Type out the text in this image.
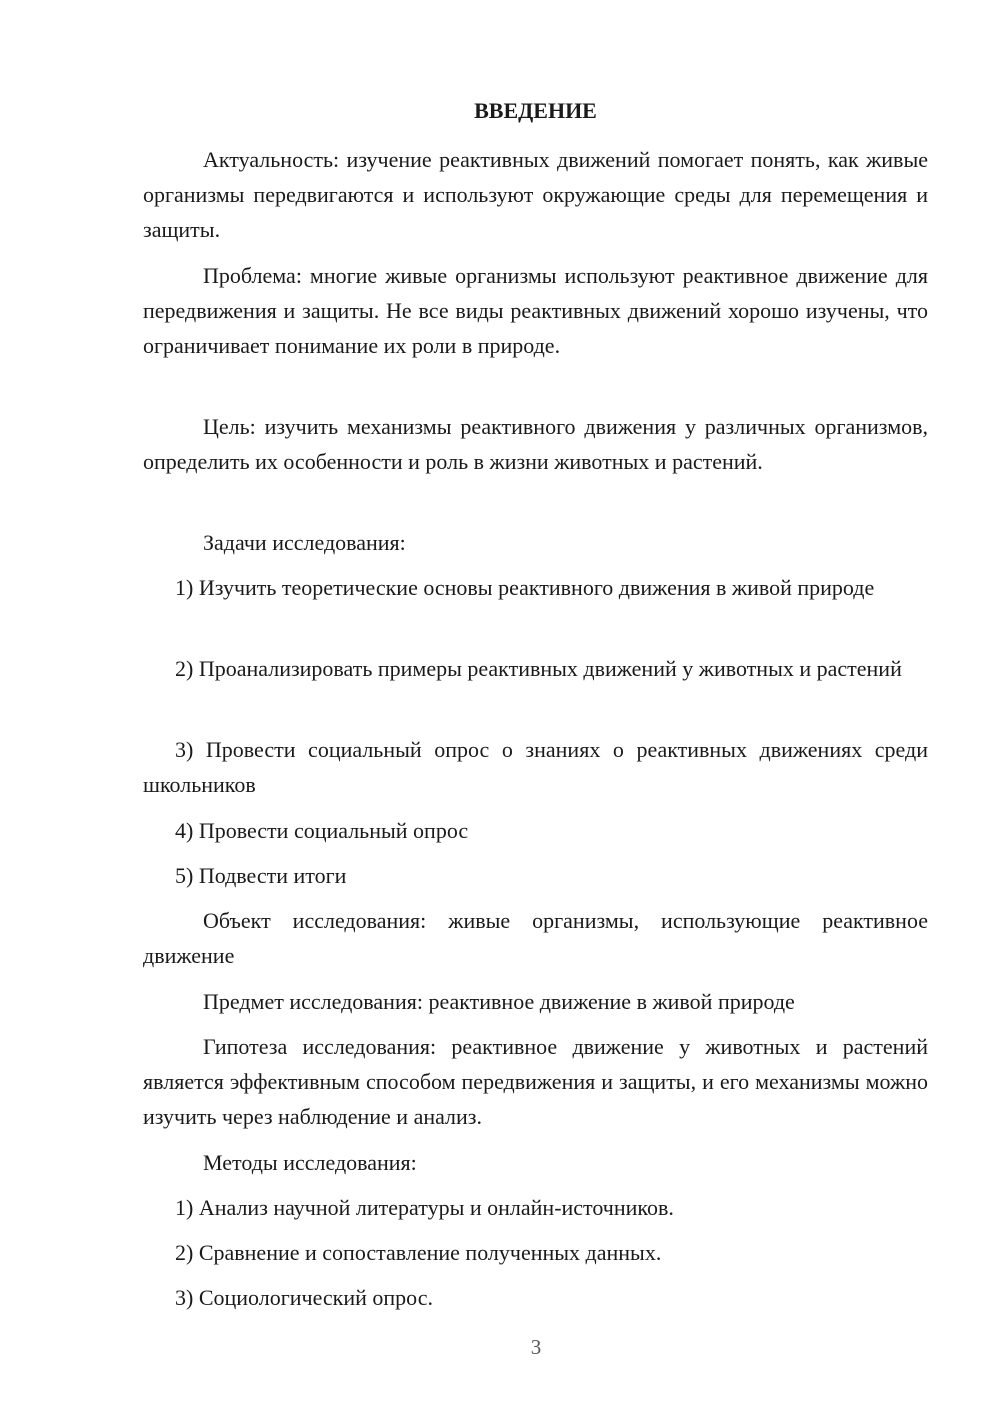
ВВЕДЕНИЕ
Актуальность: изучение реактивных движений помогает понять, как живые организмы передвигаются и используют окружающие среды для перемещения и защиты.
Проблема: многие живые организмы используют реактивное движение для передвижения и защиты. Не все виды реактивных движений хорошо изучены, что ограничивает понимание их роли в природе.
Цель: изучить механизмы реактивного движения у различных организмов, определить их особенности и роль в жизни животных и растений.
Задачи исследования:
1) Изучить теоретические основы реактивного движения в живой природе
2) Проанализировать примеры реактивных движений у животных и растений
3) Провести социальный опрос о знаниях о реактивных движениях среди школьников
4) Провести социальный опрос
5) Подвести итоги
Объект исследования: живые организмы, использующие реактивное движение
Предмет исследования: реактивное движение в живой природе
Гипотеза исследования: реактивное движение у животных и растений является эффективным способом передвижения и защиты, и его механизмы можно изучить через наблюдение и анализ.
Методы исследования:
1) Анализ научной литературы и онлайн-источников.
2) Сравнение и сопоставление полученных данных.
3) Социологический опрос.
3
